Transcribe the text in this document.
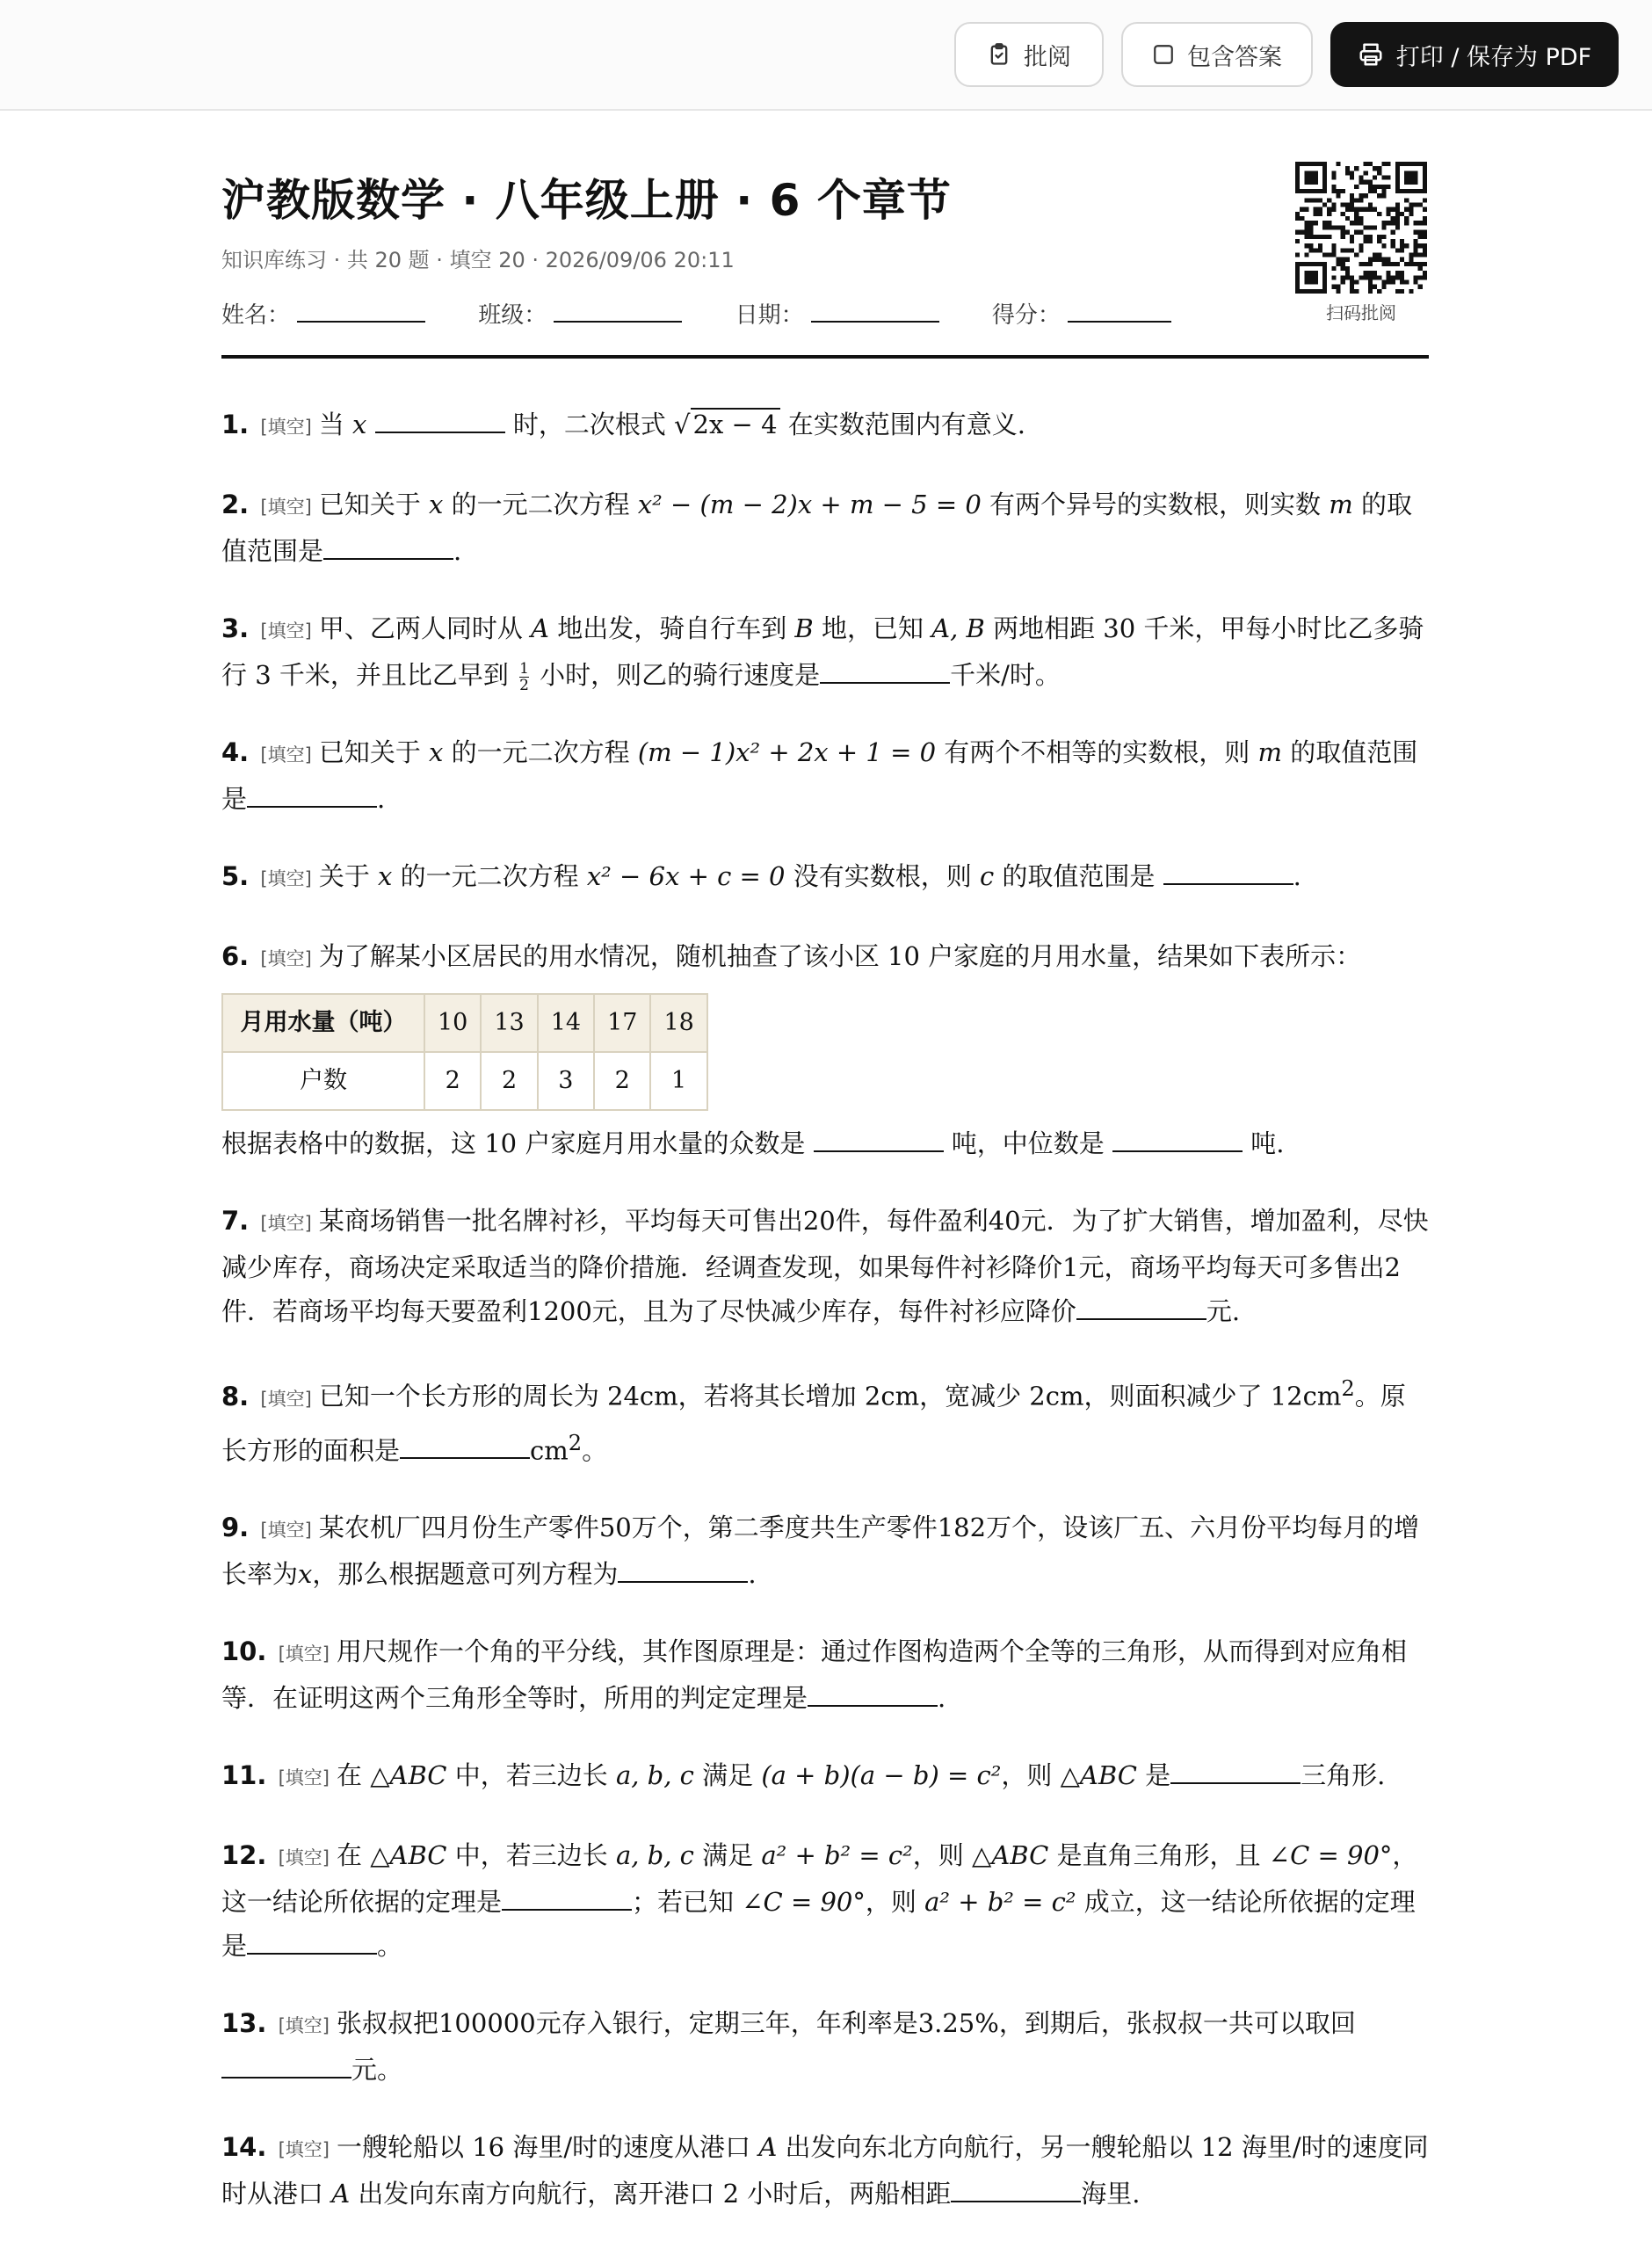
批阅	包含答案	打印 / 保存为 PDF
沪教版数学 · 八年级上册 · 6 个章节
知识库练习 · 共 20 题 · 填空 20 · 2026/09/06 20:11
姓名：	班级：	日期：	得分：	扫码批阅
1. [填空] 当 x	时，二次根式 √ 2x − 4 在实数范围内有意义.
2. [填空] 已知关于 x 的一元二次方程 x² − (m − 2)x + m − 5 = 0 有两个异号的实数根，则实数 m 的取值范围是	.
3. [填空] 甲、乙两人同时从 A 地出发，骑自行车到 B 地，已知 A, B 两地相距 30 千米，甲每小时比乙多骑行 3 千米，并且比乙早到 $\frac{1}{2}$ 小时，则乙的骑行速度是	千米/时。
4. [填空] 已知关于 x 的一元二次方程 (m − 1)x² + 2x + 1 = 0 有两个不相等的实数根，则 m 的取值范围是	.
5. [填空] 关于 x 的一元二次方程 x² − 6x + c = 0 没有实数根，则 c 的取值范围是	.
6. [填空] 为了解某小区居民的用水情况，随机抽查了该小区 10 户家庭的月用水量，结果如下表所示：
月用水量（吨）	10	13	14	17	18
户数	2	2	3	2	1
根据表格中的数据，这 10 户家庭月用水量的众数是	吨，中位数是	吨.
7. [填空] 某商场销售一批名牌衬衫，平均每天可售出20件，每件盈利40元．为了扩大销售，增加盈利，尽快减少库存，商场决定采取适当的降价措施．经调查发现，如果每件衬衫降价1元，商场平均每天可多售出2件．若商场平均每天要盈利1200元，且为了尽快减少库存，每件衬衫应降价	元.
8. [填空] 已知一个长方形的周长为 24cm，若将其长增加 2cm，宽减少 2cm，则面积减少了 $12cm^2$。原长方形的面积是	$cm^2$。
9. [填空] 某农机厂四月份生产零件50万个，第二季度共生产零件182万个，设该厂五、六月份平均每月的增长率为x，那么根据题意可列方程为	.
10. [填空] 用尺规作一个角的平分线，其作图原理是：通过作图构造两个全等的三角形，从而得到对应角相等．在证明这两个三角形全等时，所用的判定定理是	.
11. [填空] 在 △ABC 中，若三边长 a, b, c 满足 (a + b)(a − b) = c²，则 △ABC 是	三角形.
12. [填空] 在 △ABC 中，若三边长 a, b, c 满足 a² + b² = c²，则 △ABC 是直角三角形，且 ∠C = 90°，这一结论所依据的定理是	；若已知 ∠C = 90°，则 a² + b² = c² 成立，这一结论所依据的定理是	。
13. [填空] 张叔叔把100000元存入银行，定期三年，年利率是3.25%，到期后，张叔叔一共可以取回元。
14. [填空] 一艘轮船以 16 海里/时的速度从港口 A 出发向东北方向航行，另一艘轮船以 12 海里/时的速度同时从港口 A 出发向东南方向航行，离开港口 2 小时后，两船相距	海里.
